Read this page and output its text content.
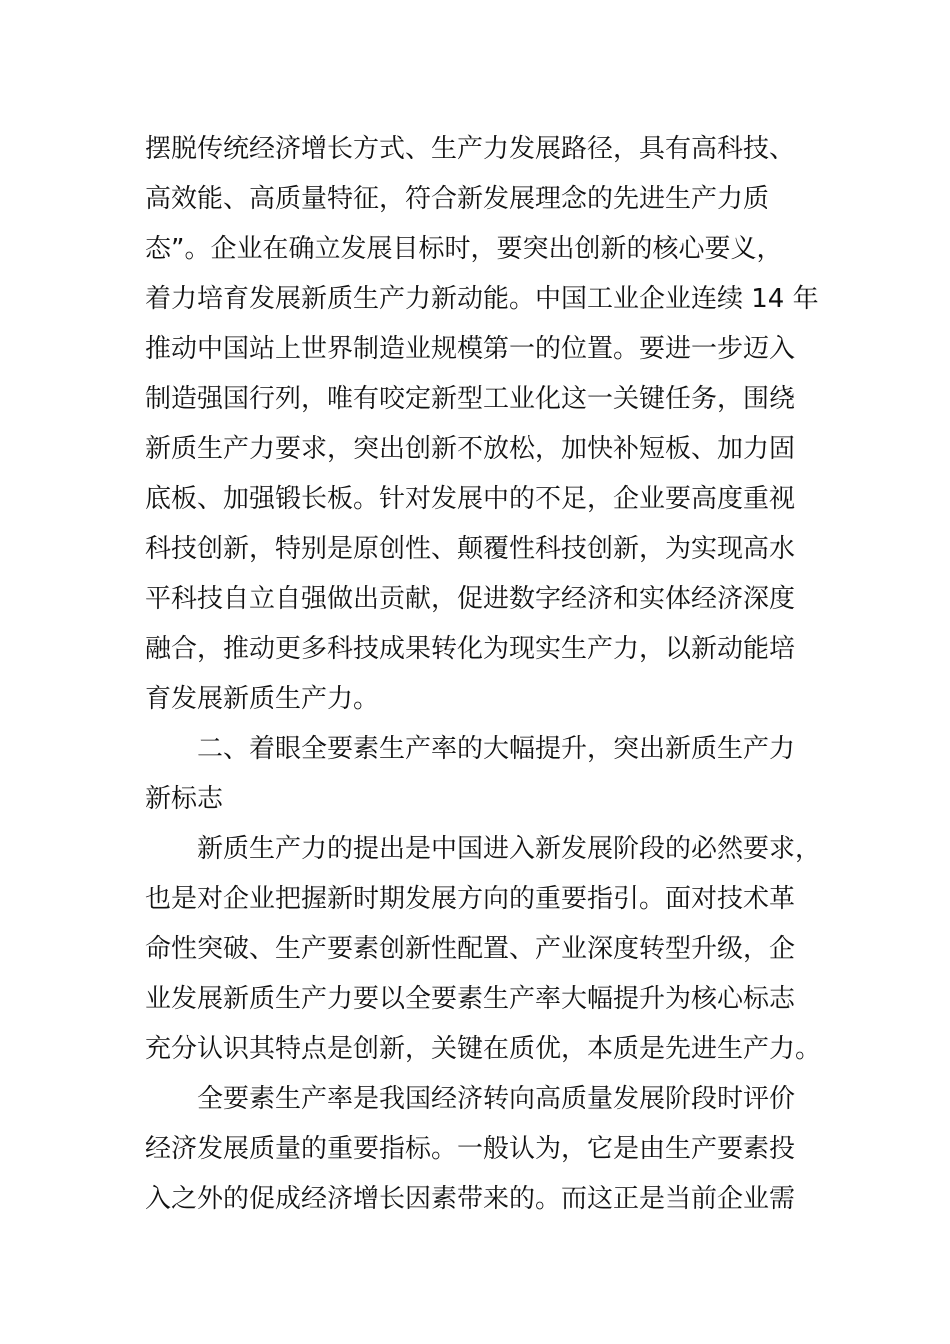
摆脱传统经济增长方式、生产力发展路径，具有高科技、
高效能、高质量特征，符合新发展理念的先进生产力质
态”。企业在确立发展目标时，要突出创新的核心要义，
着力培育发展新质生产力新动能。中国工业企业连续 14 年
推动中国站上世界制造业规模第一的位置。要进一步迈入
制造强国行列，唯有咬定新型工业化这一关键任务，围绕
新质生产力要求，突出创新不放松，加快补短板、加力固
底板、加强锻长板。针对发展中的不足，企业要高度重视
科技创新，特别是原创性、颠覆性科技创新，为实现高水
平科技自立自强做出贡献，促进数字经济和实体经济深度
融合，推动更多科技成果转化为现实生产力，以新动能培
育发展新质生产力。
二、着眼全要素生产率的大幅提升，突出新质生产力
新标志
新质生产力的提出是中国进入新发展阶段的必然要求，
也是对企业把握新时期发展方向的重要指引。面对技术革
命性突破、生产要素创新性配置、产业深度转型升级，企
业发展新质生产力要以全要素生产率大幅提升为核心标志
充分认识其特点是创新，关键在质优，本质是先进生产力。
全要素生产率是我国经济转向高质量发展阶段时评价
经济发展质量的重要指标。一般认为，它是由生产要素投
入之外的促成经济增长因素带来的。而这正是当前企业需
